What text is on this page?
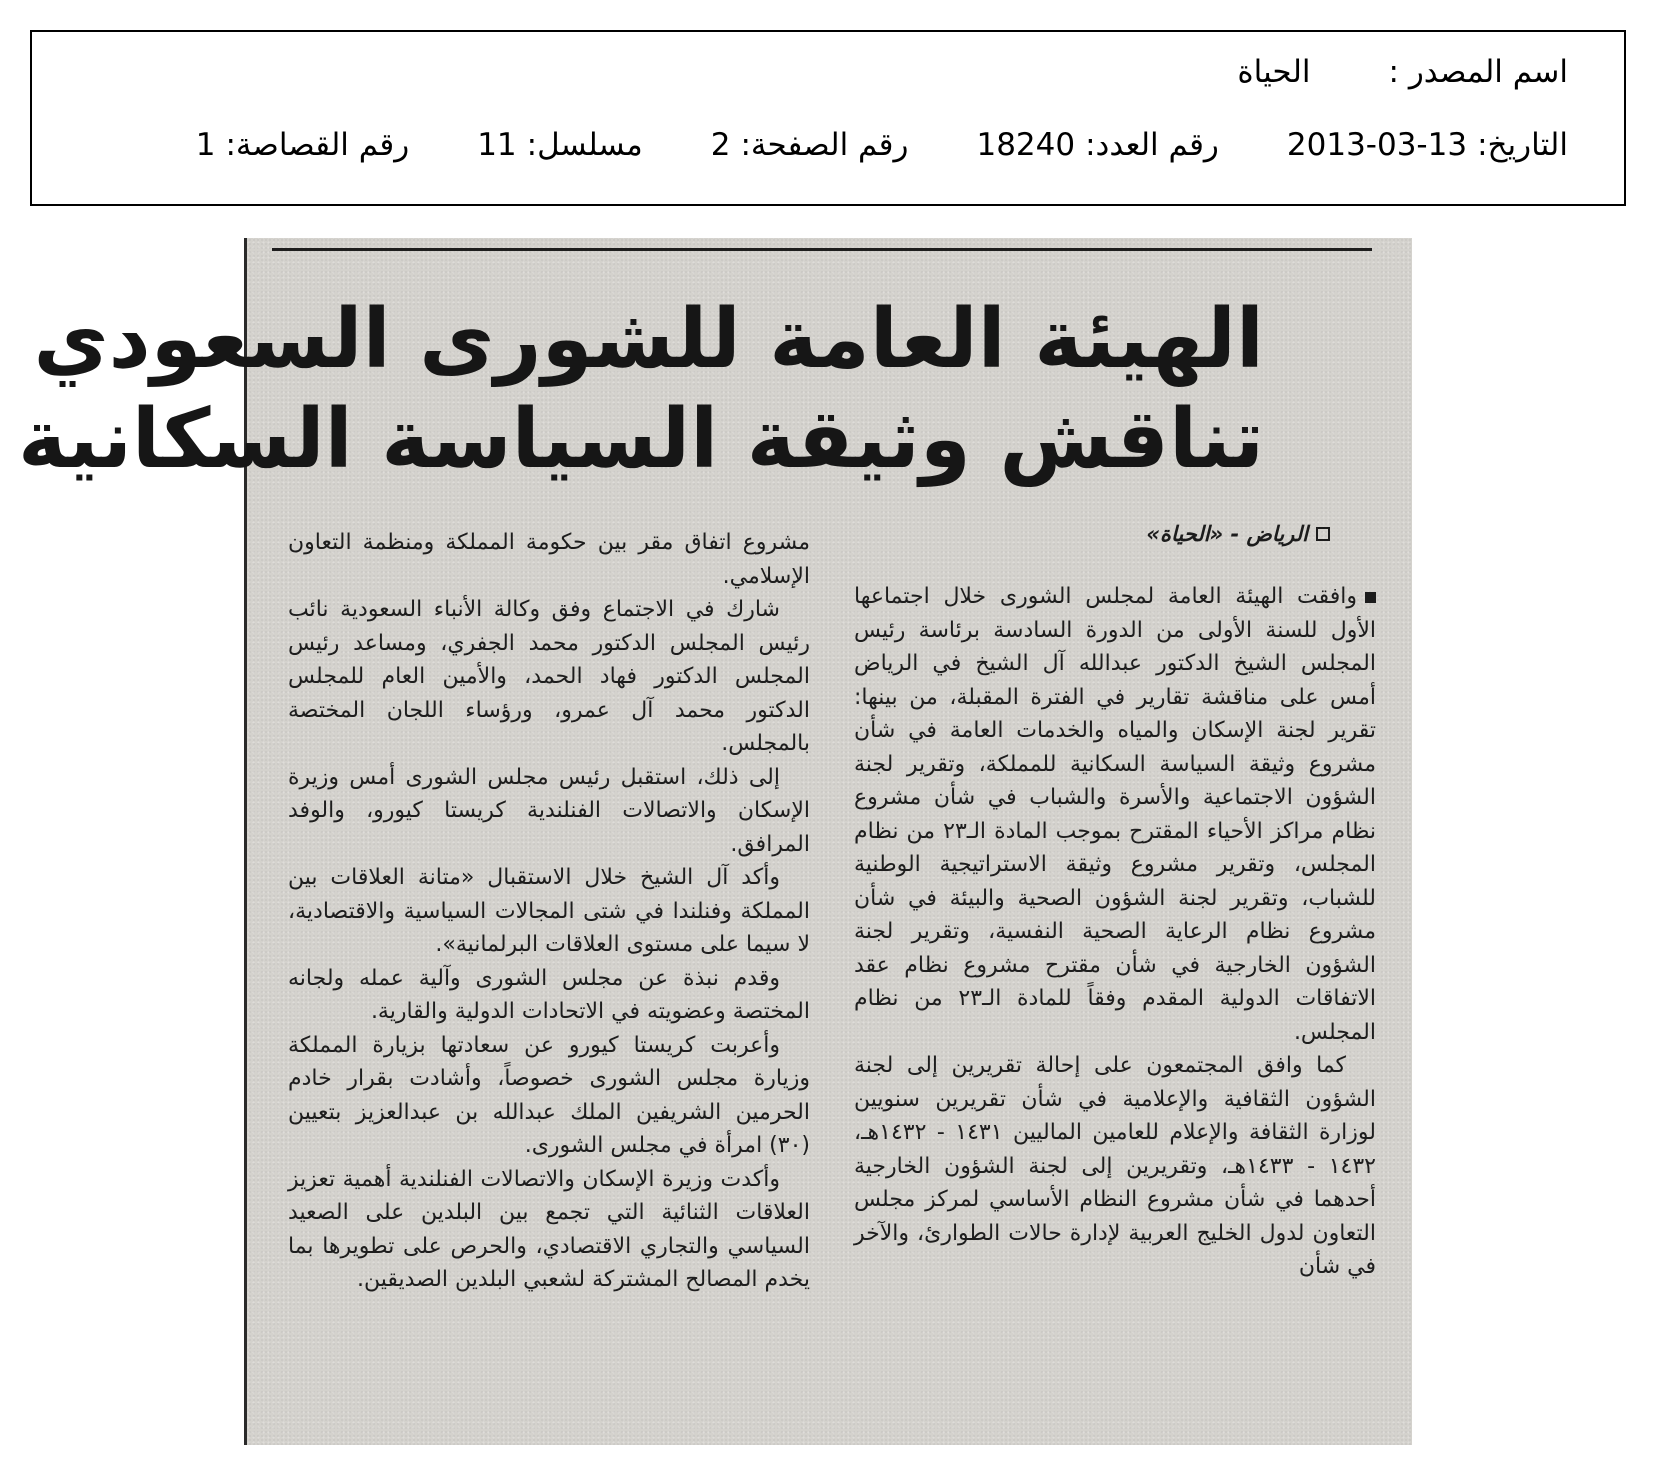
اسم المصدر :
الحياة
التاريخ:
2013-03-13
رقم العدد:
18240
رقم الصفحة:
2
مسلسل:
11
رقم القصاصة:
1
الهيئة العامة للشورى السعودي
تناقش وثيقة السياسة السكانية
الرياض - «الحياة»

وافقت الهيئة العامة لمجلس الشورى خلال اجتماعها الأول للسنة الأولى من الدورة السادسة برئاسة رئيس المجلس الشيخ الدكتور عبدالله آل الشيخ في الرياض أمس على مناقشة تقارير في الفترة المقبلة، من بينها: تقرير لجنة الإسكان والمياه والخدمات العامة في شأن مشروع وثيقة السياسة السكانية للمملكة، وتقرير لجنة الشؤون الاجتماعية والأسرة والشباب في شأن مشروع نظام مراكز الأحياء المقترح بموجب المادة الـ٢٣ من نظام المجلس، وتقرير مشروع وثيقة الاستراتيجية الوطنية للشباب، وتقرير لجنة الشؤون الصحية والبيئة في شأن مشروع نظام الرعاية الصحية النفسية، وتقرير لجنة الشؤون الخارجية في شأن مقترح مشروع نظام عقد الاتفاقات الدولية المقدم وفقاً للمادة الـ٢٣ من نظام المجلس.

كما وافق المجتمعون على إحالة تقريرين إلى لجنة الشؤون الثقافية والإعلامية في شأن تقريرين سنويين لوزارة الثقافة والإعلام للعامين الماليين ١٤٣١ - ١٤٣٢هـ، ١٤٣٢ - ١٤٣٣هـ، وتقريرين إلى لجنة الشؤون الخارجية أحدهما في شأن مشروع النظام الأساسي لمركز مجلس التعاون لدول الخليج العربية لإدارة حالات الطوارئ، والآخر في شأن

مشروع اتفاق مقر بين حكومة المملكة ومنظمة التعاون الإسلامي.

شارك في الاجتماع وفق وكالة الأنباء السعودية نائب رئيس المجلس الدكتور محمد الجفري، ومساعد رئيس المجلس الدكتور فهاد الحمد، والأمين العام للمجلس الدكتور محمد آل عمرو، ورؤساء اللجان المختصة بالمجلس.

إلى ذلك، استقبل رئيس مجلس الشورى أمس وزيرة الإسكان والاتصالات الفنلندية كريستا كيورو، والوفد المرافق.

وأكد آل الشيخ خلال الاستقبال «متانة العلاقات بين المملكة وفنلندا في شتى المجالات السياسية والاقتصادية، لا سيما على مستوى العلاقات البرلمانية».

وقدم نبذة عن مجلس الشورى وآلية عمله ولجانه المختصة وعضويته في الاتحادات الدولية والقارية.

وأعربت كريستا كيورو عن سعادتها بزيارة المملكة وزيارة مجلس الشورى خصوصاً، وأشادت بقرار خادم الحرمين الشريفين الملك عبدالله بن عبدالعزيز بتعيين (٣٠) امرأة في مجلس الشورى.

وأكدت وزيرة الإسكان والاتصالات الفنلندية أهمية تعزيز العلاقات الثنائية التي تجمع بين البلدين على الصعيد السياسي والتجاري الاقتصادي، والحرص على تطويرها بما يخدم المصالح المشتركة لشعبي البلدين الصديقين.
